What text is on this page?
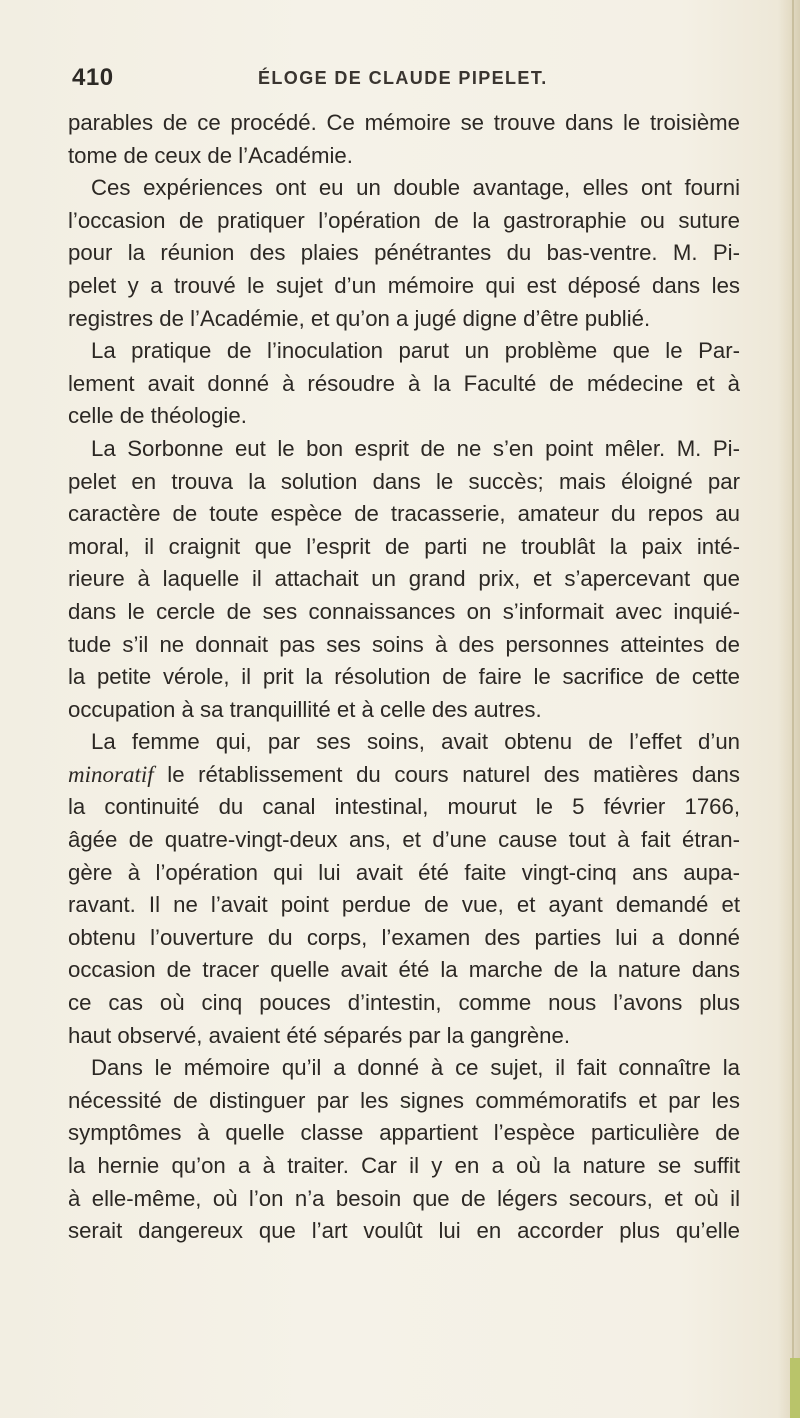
410	ÉLOGE DE CLAUDE PIPELET.
parables de ce procédé. Ce mémoire se trouve dans le troisième
tome de ceux de l’Académie.
Ces expériences ont eu un double avantage, elles ont fourni
l’occasion de pratiquer l’opération de la gastroraphie ou suture
pour la réunion des plaies pénétrantes du bas-ventre. M. Pi-
pelet y a trouvé le sujet d’un mémoire qui est déposé dans les
registres de l’Académie, et qu’on a jugé digne d’être publié.
La pratique de l’inoculation parut un problème que le Par-
lement avait donné à résoudre à la Faculté de médecine et à
celle de théologie.
La Sorbonne eut le bon esprit de ne s’en point mêler. M. Pi-
pelet en trouva la solution dans le succès; mais éloigné par
caractère de toute espèce de tracasserie, amateur du repos au
moral, il craignit que l’esprit de parti ne troublât la paix inté-
rieure à laquelle il attachait un grand prix, et s’apercevant que
dans le cercle de ses connaissances on s’informait avec inquié-
tude s’il ne donnait pas ses soins à des personnes atteintes de
la petite vérole, il prit la résolution de faire le sacrifice de cette
occupation à sa tranquillité et à celle des autres.
La femme qui, par ses soins, avait obtenu de l’effet d’un
minoratif le rétablissement du cours naturel des matières dans
la continuité du canal intestinal, mourut le 5 février 1766,
âgée de quatre-vingt-deux ans, et d’une cause tout à fait étran-
gère à l’opération qui lui avait été faite vingt-cinq ans aupa-
ravant. Il ne l’avait point perdue de vue, et ayant demandé et
obtenu l’ouverture du corps, l’examen des parties lui a donné
occasion de tracer quelle avait été la marche de la nature dans
ce cas où cinq pouces d’intestin, comme nous l’avons plus
haut observé, avaient été séparés par la gangrène.
Dans le mémoire qu’il a donné à ce sujet, il fait connaître la
nécessité de distinguer par les signes commémoratifs et par les
symptômes à quelle classe appartient l’espèce particulière de
la hernie qu’on a à traiter. Car il y en a où la nature se suffit
à elle-même, où l’on n’a besoin que de légers secours, et où il
serait dangereux que l’art voulût lui en accorder plus qu’elle
